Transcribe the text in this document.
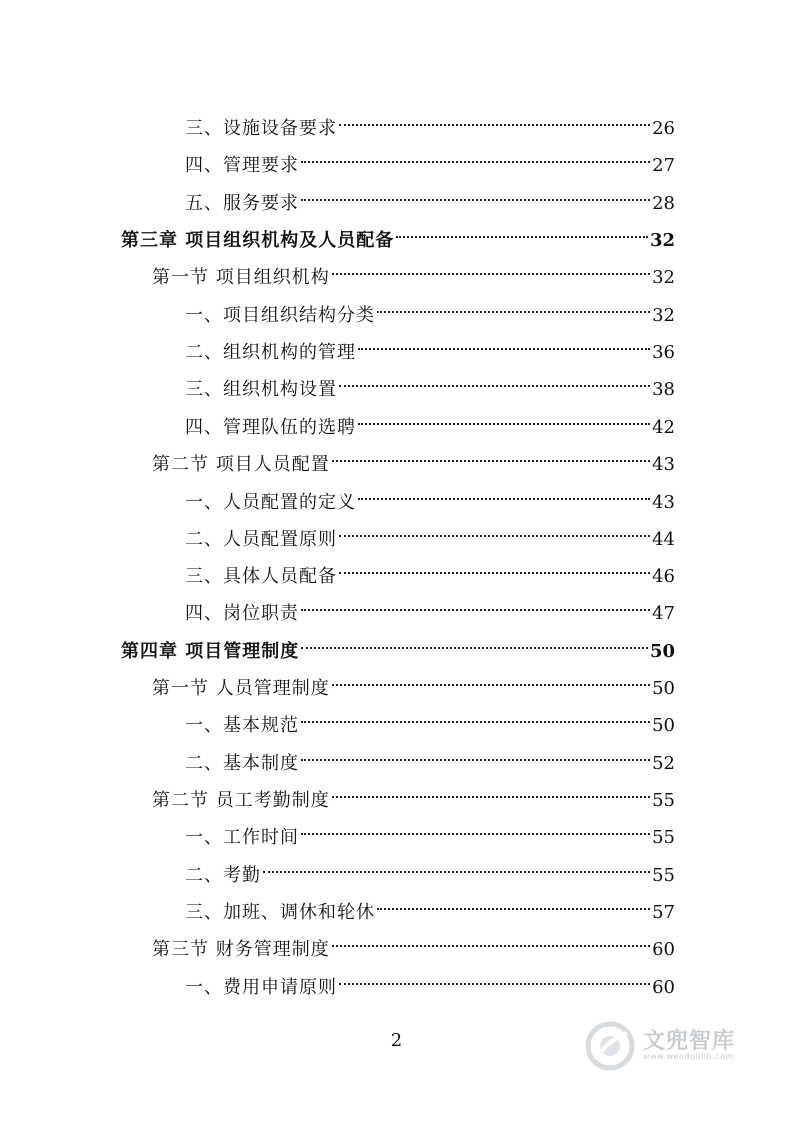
三、设施设备要求	26
四、管理要求	27
五、服务要求	28
第三章 项目组织机构及人员配备	32
第一节 项目组织机构	32
一、项目组织结构分类	32
二、组织机构的管理	36
三、组织机构设置	38
四、管理队伍的选聘	42
第二节 项目人员配置	43
一、人员配置的定义	43
二、人员配置原则	44
三、具体人员配备	46
四、岗位职责	47
第四章 项目管理制度	50
第一节 人员管理制度	50
一、基本规范	50
二、基本制度	52
第二节 员工考勤制度	55
一、工作时间	55
二、考勤	55
三、加班、调休和轮休	57
第三节 财务管理制度	60
一、费用申请原则	60
2	文兜智库
www.wendoulib.com
